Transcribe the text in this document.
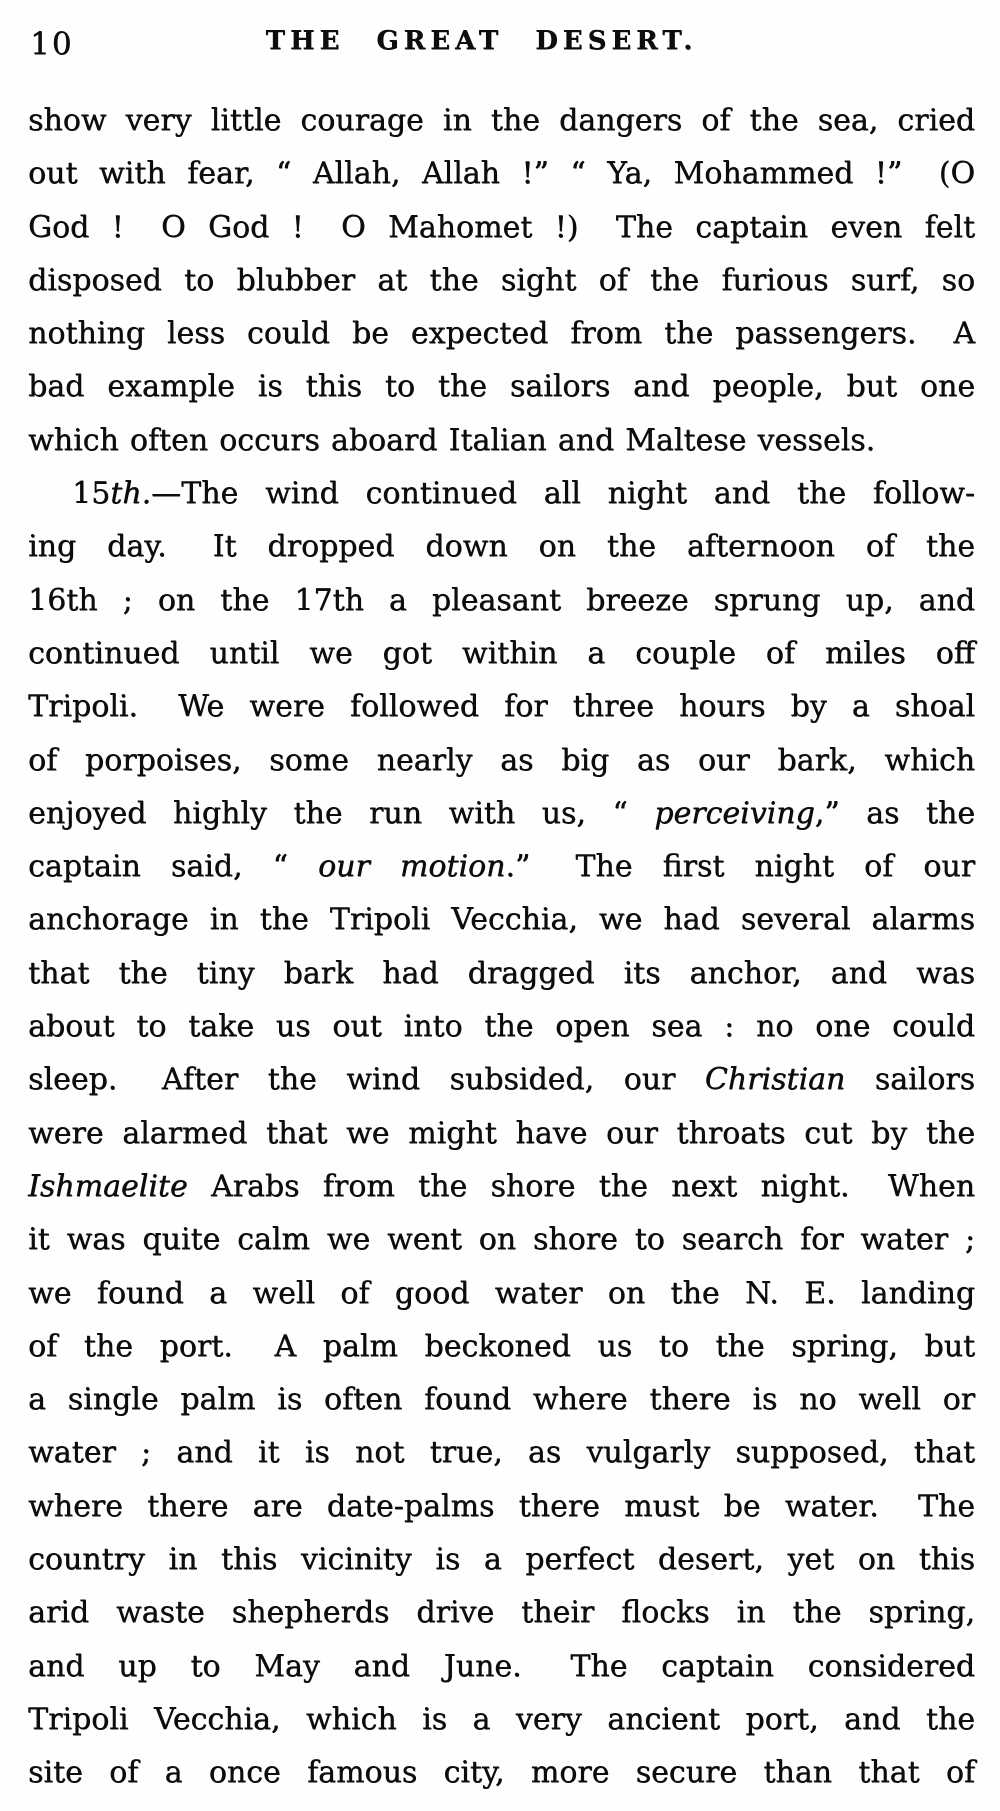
10	THE GREAT DESERT.
show very little courage in the dangers of the sea, cried
out with fear, “ Allah, Allah !” “ Ya, Mohammed !”  (O
God !  O God !  O Mahomet !)  The captain even felt
disposed to blubber at the sight of the furious surf, so
nothing less could be expected from the passengers.  A
bad example is this to the sailors and people, but one
which often occurs aboard Italian and Maltese vessels.
15th.—The wind continued all night and the follow-
ing day.  It dropped down on the afternoon of the
16th ; on the 17th a pleasant breeze sprung up, and
continued until we got within a couple of miles off
Tripoli.  We were followed for three hours by a shoal
of porpoises, some nearly as big as our bark, which
enjoyed highly the run with us, “ perceiving,” as the
captain said, “ our motion.”  The first night of our
anchorage in the Tripoli Vecchia, we had several alarms
that the tiny bark had dragged its anchor, and was
about to take us out into the open sea : no one could
sleep.  After the wind subsided, our Christian sailors
were alarmed that we might have our throats cut by the
Ishmaelite Arabs from the shore the next night.  When
it was quite calm we went on shore to search for water ;
we found a well of good water on the N. E. landing
of the port.  A palm beckoned us to the spring, but
a single palm is often found where there is no well or
water ; and it is not true, as vulgarly supposed, that
where there are date-palms there must be water.  The
country in this vicinity is a perfect desert, yet on this
arid waste shepherds drive their flocks in the spring,
and up to May and June.  The captain considered
Tripoli Vecchia, which is a very ancient port, and the
site of a once famous city, more secure than that of
